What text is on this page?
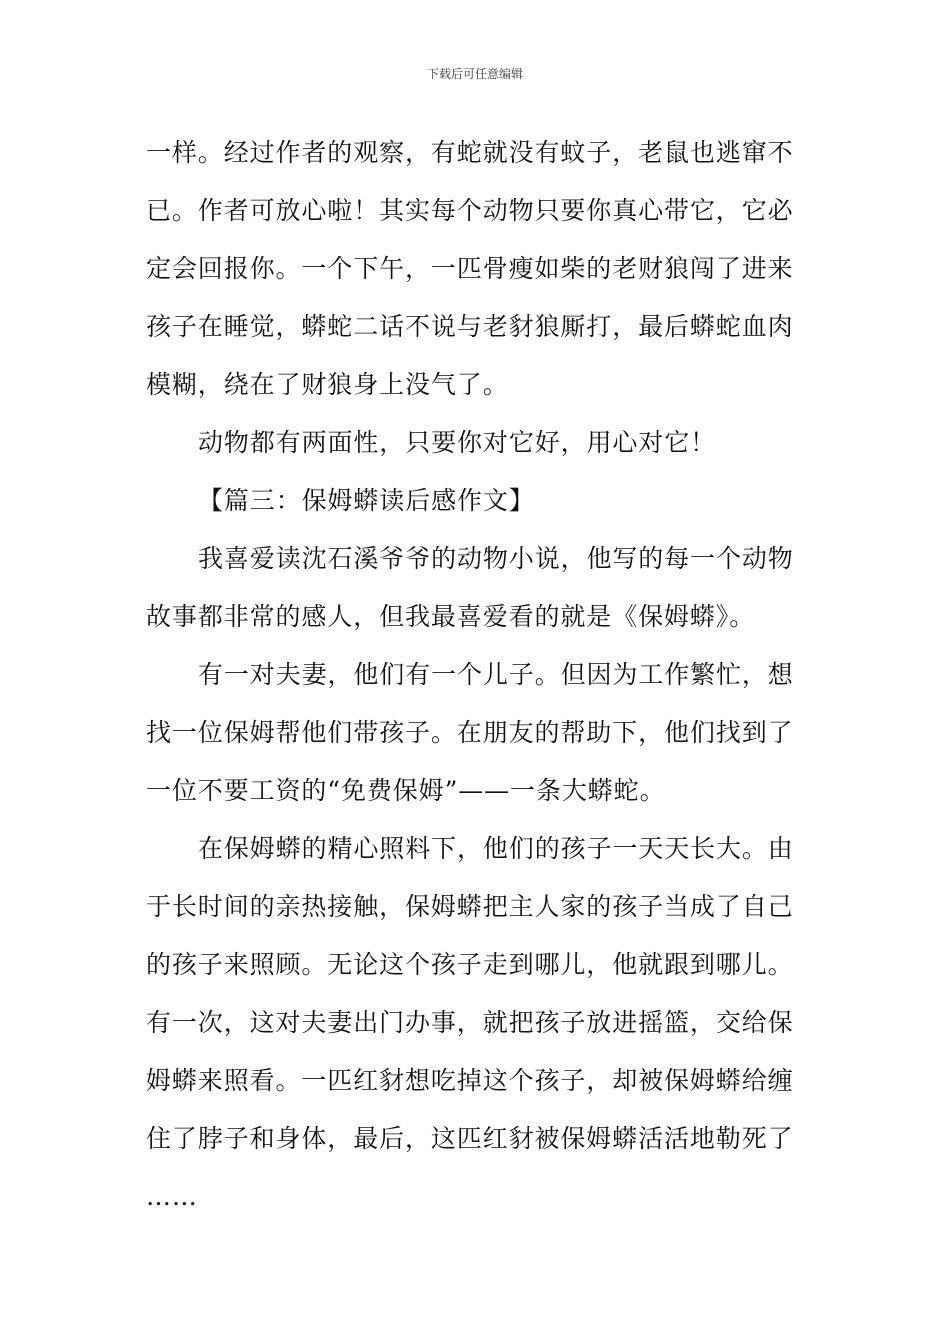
下载后可任意编辑
一样。经过作者的观察，有蛇就没有蚊子，老鼠也逃窜不
已。作者可放心啦！其实每个动物只要你真心带它，它必
定会回报你。一个下午，一匹骨瘦如柴的老财狼闯了进来
孩子在睡觉，蟒蛇二话不说与老豺狼厮打，最后蟒蛇血肉
模糊，绕在了财狼身上没气了。
动物都有两面性，只要你对它好，用心对它！
【篇三：保姆蟒读后感作文】
我喜爱读沈石溪爷爷的动物小说，他写的每一个动物
故事都非常的感人，但我最喜爱看的就是《保姆蟒》。
有一对夫妻，他们有一个儿子。但因为工作繁忙，想
找一位保姆帮他们带孩子。在朋友的帮助下，他们找到了
一位不要工资的“免费保姆”——一条大蟒蛇。
在保姆蟒的精心照料下，他们的孩子一天天长大。由
于长时间的亲热接触，保姆蟒把主人家的孩子当成了自己
的孩子来照顾。无论这个孩子走到哪儿，他就跟到哪儿。
有一次，这对夫妻出门办事，就把孩子放进摇篮，交给保
姆蟒来照看。一匹红豺想吃掉这个孩子，却被保姆蟒给缠
住了脖子和身体，最后，这匹红豺被保姆蟒活活地勒死了
……
